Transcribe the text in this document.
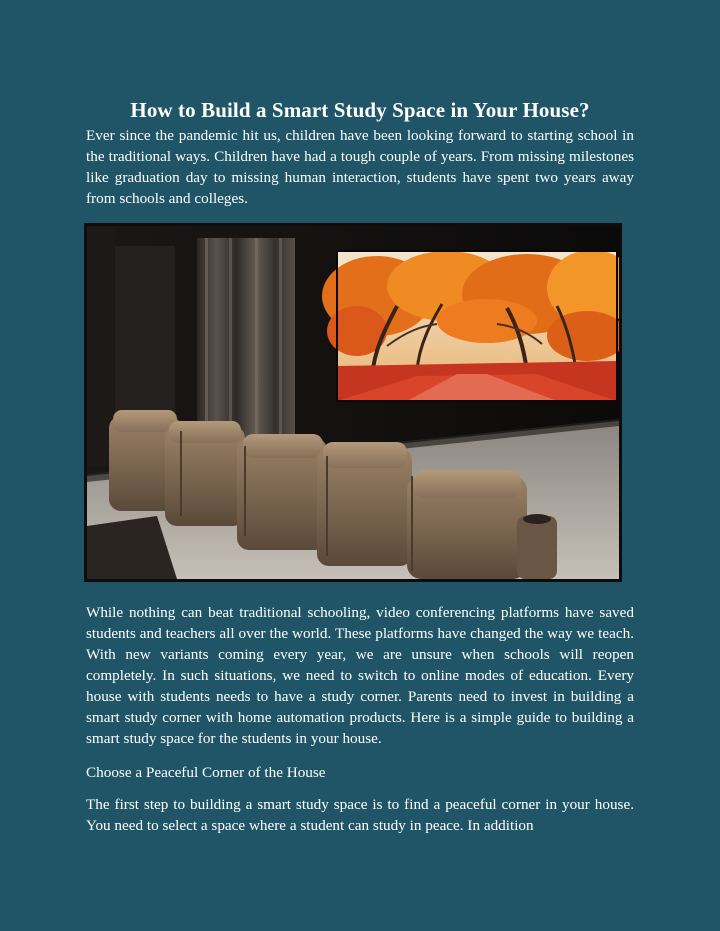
How to Build a Smart Study Space in Your House?

Ever since the pandemic hit us, children have been looking forward to starting school in the traditional ways. Children have had a tough couple of years. From missing milestones like graduation day to missing human interaction, students have spent two years away from schools and colleges.

While nothing can beat traditional schooling, video conferencing platforms have saved students and teachers all over the world. These platforms have changed the way we teach. With new variants coming every year, we are unsure when schools will reopen completely. In such situations, we need to switch to online modes of education. Every house with students needs to have a study corner. Parents need to invest in building a smart study corner with home automation products. Here is a simple guide to building a smart study space for the students in your house.

Choose a Peaceful Corner of the House

The first step to building a smart study space is to find a peaceful corner in your house. You need to select a space where a student can study in peace. In addition
